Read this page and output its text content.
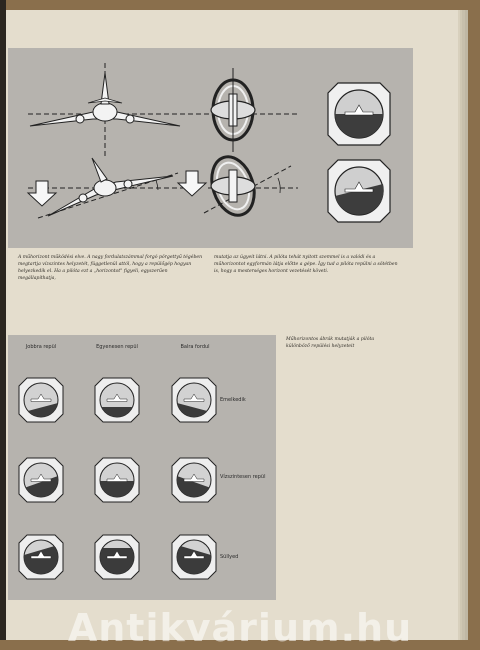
A műhorizont működési elve. A nagy fordulatszámmal forgó pörgettyű tégében megtartja vízszintes helyzetét, függetlenül attól, hogy a repülőgép hogyan helyezkedik el. Ha a pilóta ezt a „horizontot" figyeli, egyszerűen megállapíthatja,

mutatja az ügyeit látni. A pilóta tehát nyitott szemmel is a valódi és a műhorizontot egyformán látja előtte a gépe. Így tud a pilóta repülni a sötétben is, hogy a mesterséges horizont vezetését követi.

Jobbra repül	Egyenesen repül	Balra fordul
Emelkedik
Vízszintesen repül
Süllyed

Műhorizontos ábrák mutatják a pilóta különböző repülési helyzeteit

Antikvárium.hu
